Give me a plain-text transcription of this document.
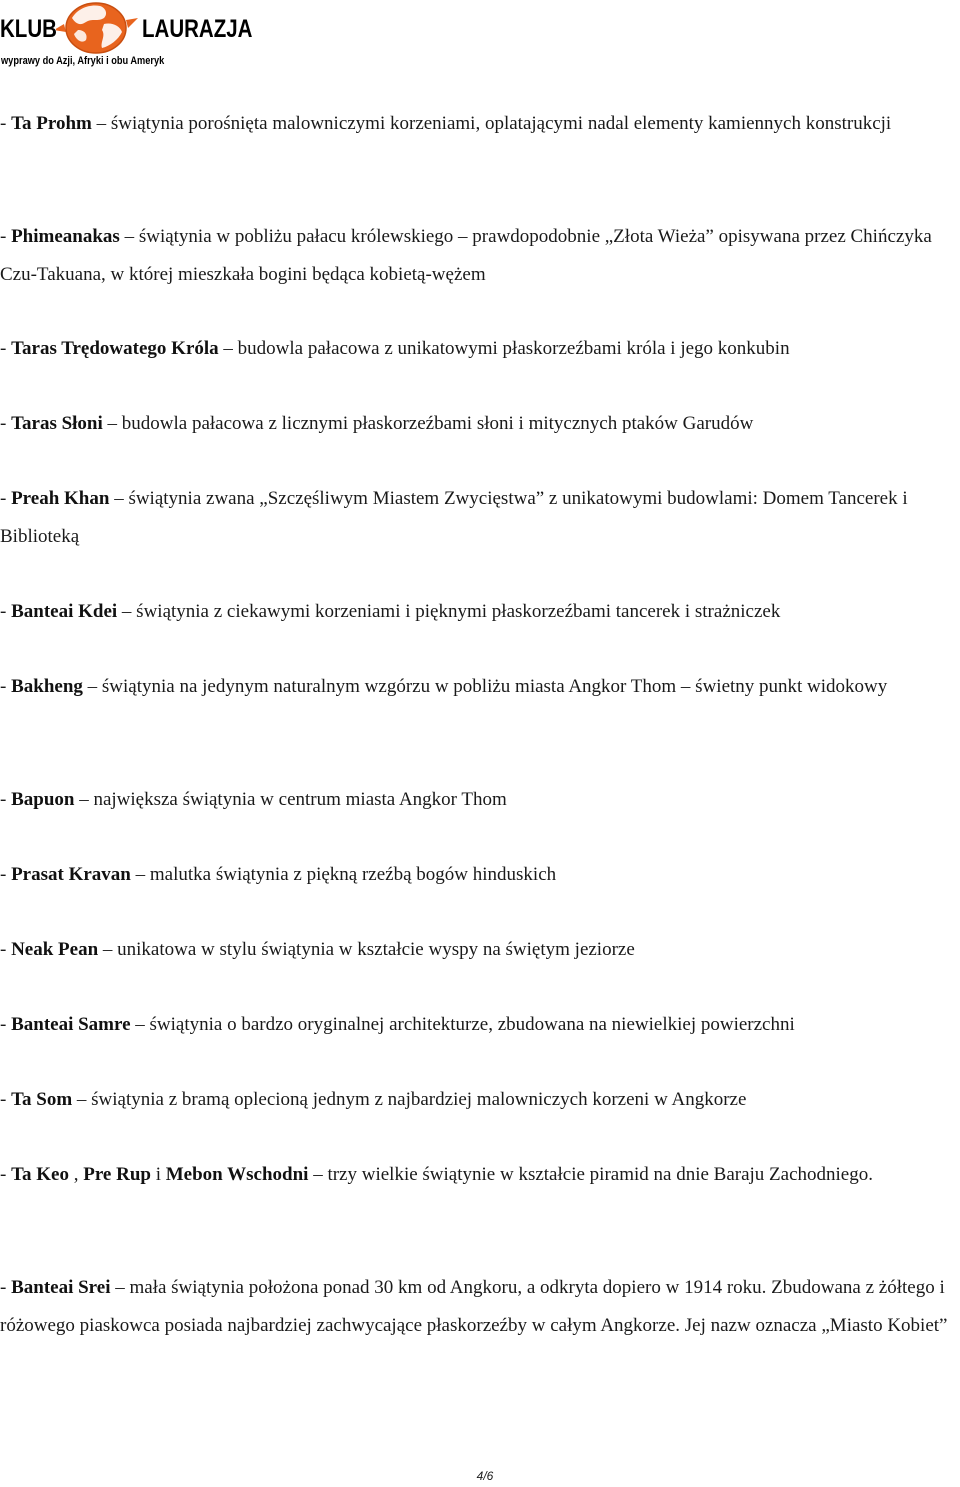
KLUB	LAURAZJA
wyprawy do Azji, Afryki i obu Ameryk
- Ta Prohm – świątynia porośnięta malowniczymi korzeniami, oplatającymi nadal elementy kamiennych konstrukcji
- Phimeanakas – świątynia w pobliżu pałacu królewskiego – prawdopodobnie „Złota Wieża” opisywana przez Chińczyka Czu-Takuana, w której mieszkała bogini będąca kobietą-wężem
- Taras Trędowatego Króla – budowla pałacowa z unikatowymi płaskorzeźbami króla i jego konkubin
- Taras Słoni – budowla pałacowa z licznymi płaskorzeźbami słoni i mitycznych ptaków Garudów
- Preah Khan – świątynia zwana „Szczęśliwym Miastem Zwycięstwa” z unikatowymi budowlami: Domem Tancerek i Biblioteką
- Banteai Kdei – świątynia z ciekawymi korzeniami i pięknymi płaskorzeźbami tancerek i strażniczek
- Bakheng – świątynia na jedynym naturalnym wzgórzu w pobliżu miasta Angkor Thom – świetny punkt widokowy
- Bapuon – największa świątynia w centrum miasta Angkor Thom
- Prasat Kravan – malutka świątynia z piękną rzeźbą bogów hinduskich
- Neak Pean – unikatowa w stylu świątynia w kształcie wyspy na świętym jeziorze
- Banteai Samre – świątynia o bardzo oryginalnej architekturze, zbudowana na niewielkiej powierzchni
- Ta Som – świątynia z bramą oplecioną jednym z najbardziej malowniczych korzeni w Angkorze
- Ta Keo , Pre Rup i Mebon Wschodni – trzy wielkie świątynie w kształcie piramid na dnie Baraju Zachodniego.
- Banteai Srei – mała świątynia położona ponad 30 km od Angkoru, a odkryta dopiero w 1914 roku. Zbudowana z żółtego i różowego piaskowca posiada najbardziej zachwycające płaskorzeźby w całym Angkorze. Jej nazw oznacza „Miasto Kobiet”
4/6
